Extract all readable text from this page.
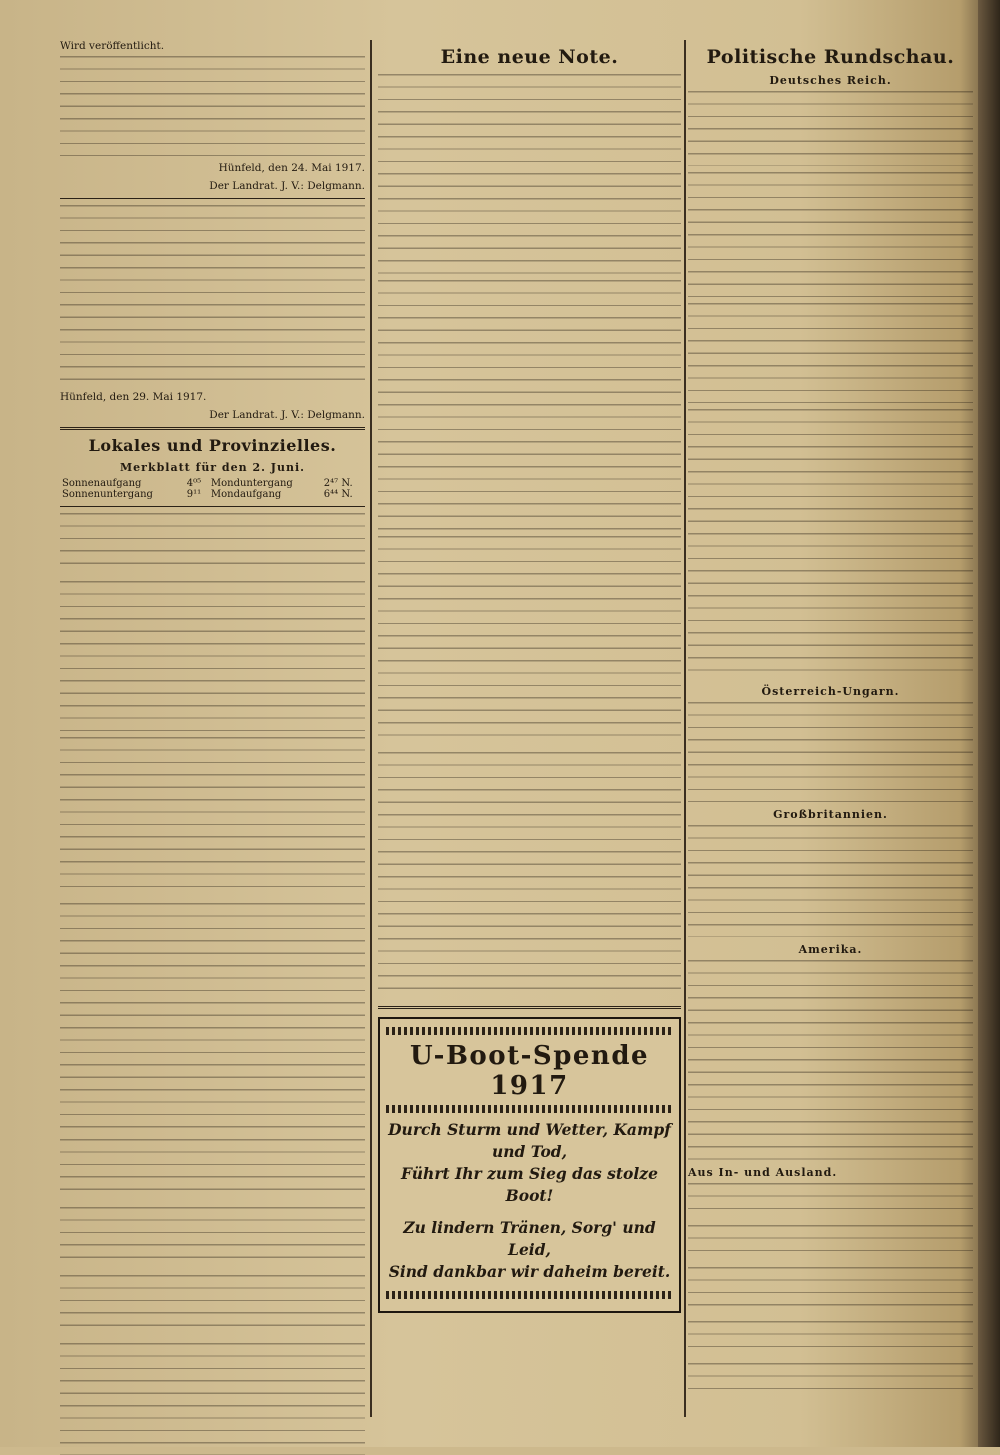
Wird veröffentlicht.

Hünfeld, den 24. Mai 1917.

Der Landrat. J. V.: Delgmann.

Hünfeld, den 29. Mai 1917.

Der Landrat. J. V.: Delgmann.

Lokales und Provinzielles.
Merkblatt für den 2. Juni.
Sonnenaufgang	4⁰⁵	Monduntergang	2⁴⁷ N.
Sonnenuntergang	9¹¹	Mondaufgang	6⁴⁴ N.
Eine neue Note.
U-Boot-Spende 1917
Durch Sturm und Wetter, Kampf und Tod,
Führt Ihr zum Sieg das stolze Boot!
Zu lindern Tränen, Sorg' und Leid,
Sind dankbar wir daheim bereit.
Politische Rundschau.
Deutsches Reich.
Österreich-Ungarn.
Großbritannien.
Amerika.
Aus In- und Ausland.
